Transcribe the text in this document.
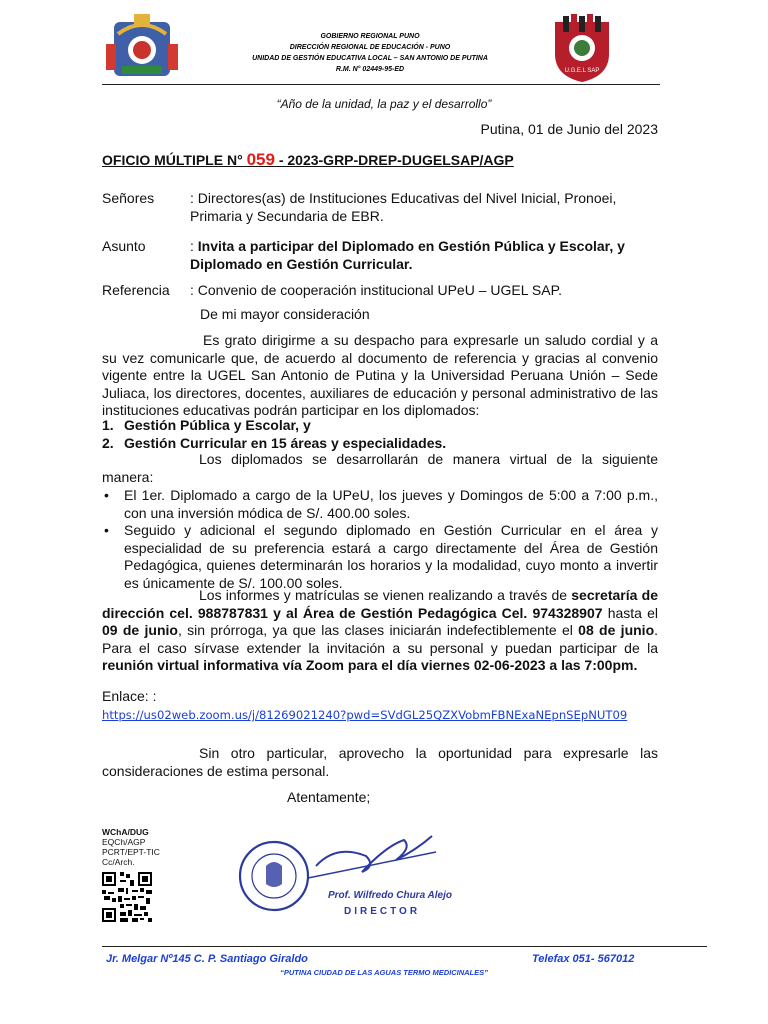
U.G.E.L SAP
GOBIERNO REGIONAL PUNO
DIRECCIÓN REGIONAL DE EDUCACIÓN - PUNO
UNIDAD DE GESTIÓN EDUCATIVA LOCAL – SAN ANTONIO DE PUTINA
R.M. N° 02449-95-ED
“Año de la unidad, la paz y el desarrollo”
Putina, 01 de Junio del 2023
OFICIO MÚLTIPLE N° 059 - 2023-GRP-DREP-DUGELSAP/AGP
Señores	: Directores(as) de Instituciones Educativas del Nivel Inicial, Pronoei, Primaria y Secundaria de EBR.
Asunto	: Invita a participar del Diplomado en Gestión Pública y Escolar, y Diplomado en Gestión Curricular.
Referencia : Convenio de cooperación institucional UPeU – UGEL SAP.
De mi mayor consideración

Es grato dirigirme a su despacho para expresarle un saludo cordial y a su vez comunicarle que, de acuerdo al documento de referencia y gracias al convenio vigente entre la UGEL San Antonio de Putina y la Universidad Peruana Unión – Sede Juliaca, los directores, docentes, auxiliares de educación y personal administrativo de las instituciones educativas podrán participar en los diplomados:

1. Gestión Pública y Escolar, y
2. Gestión Curricular en 15 áreas y especialidades.

Los diplomados se desarrollarán de manera virtual de la siguiente manera:

• El 1er. Diplomado a cargo de la UPeU, los jueves y Domingos de 5:00 a 7:00 p.m., con una inversión módica de S/. 400.00 soles.
• Seguido y adicional el segundo diplomado en Gestión Curricular en el área y especialidad de su preferencia estará a cargo directamente del Área de Gestión Pedagógica, quienes determinarán los horarios y la modalidad, cuyo monto a invertir es únicamente de S/. 100.00 soles.

Los informes y matrículas se vienen realizando a través de secretaría de dirección cel. 988787831 y al Área de Gestión Pedagógica Cel. 974328907 hasta el 09 de junio, sin prórroga, ya que las clases iniciarán indefectiblemente el 08 de junio. Para el caso sírvase extender la invitación a su personal y puedan participar de la reunión virtual informativa vía Zoom para el día viernes 02-06-2023 a las 7:00pm.

Enlace: :
https://us02web.zoom.us/j/81269021240?pwd=SVdGL25QZXVobmFBNExaNEpnSEpNUT09

Sin otro particular, aprovecho la oportunidad para expresarle las consideraciones de estima personal.

Atentamente;
WChA/DUG
EQCh/AGP
PCRT/EPT-TIC
Cc/Arch.
Prof. Wilfredo Chura Alejo
DIRECTOR
Jr. Melgar Nº145 C. P. Santiago Giraldo	Telefax 051- 567012
“PUTINA CIUDAD DE LAS AGUAS TERMO MEDICINALES”
